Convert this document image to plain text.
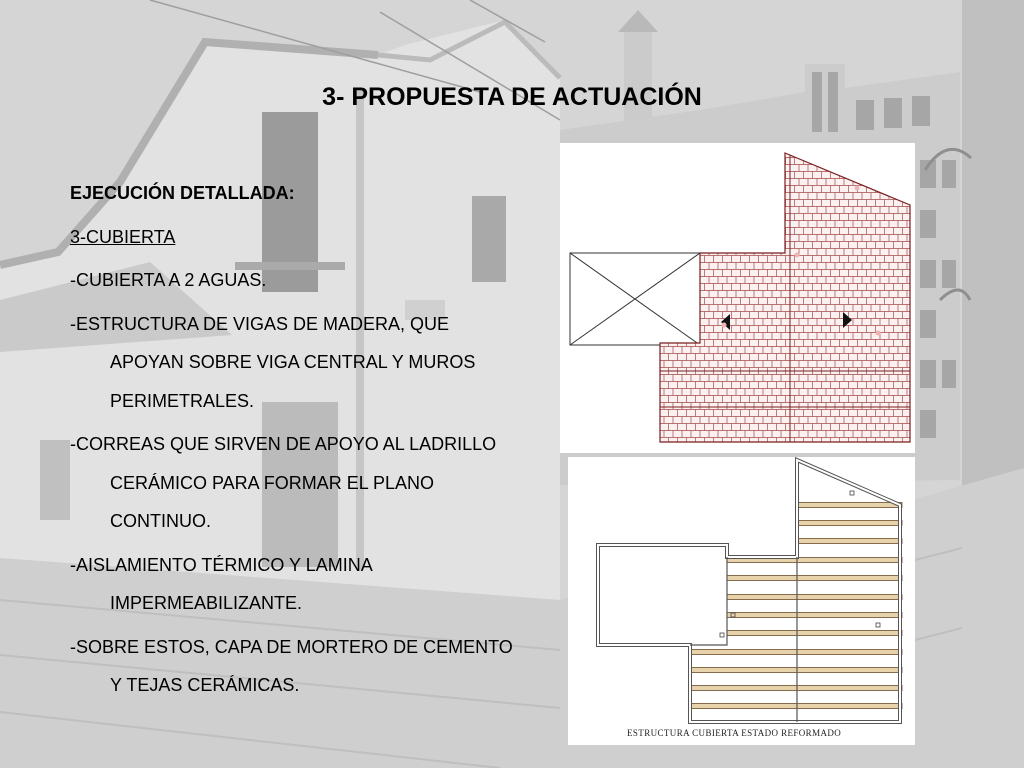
3- PROPUESTA DE ACTUACIÓN
EJECUCIÓN DETALLADA:
3-CUBIERTA
-CUBIERTA A 2 AGUAS.
-ESTRUCTURA DE VIGAS DE MADERA, QUE
APOYAN SOBRE VIGA CENTRAL Y MUROS
PERIMETRALES.
-CORREAS QUE SIRVEN DE APOYO AL LADRILLO
CERÁMICO PARA FORMAR EL PLANO
CONTINUO.
-AISLAMIENTO TÉRMICO Y LAMINA
IMPERMEABILIZANTE.
-SOBRE ESTOS, CAPA DE MORTERO DE CEMENTO
Y TEJAS CERÁMICAS.
ESTRUCTURA CUBIERTA ESTADO REFORMADO
